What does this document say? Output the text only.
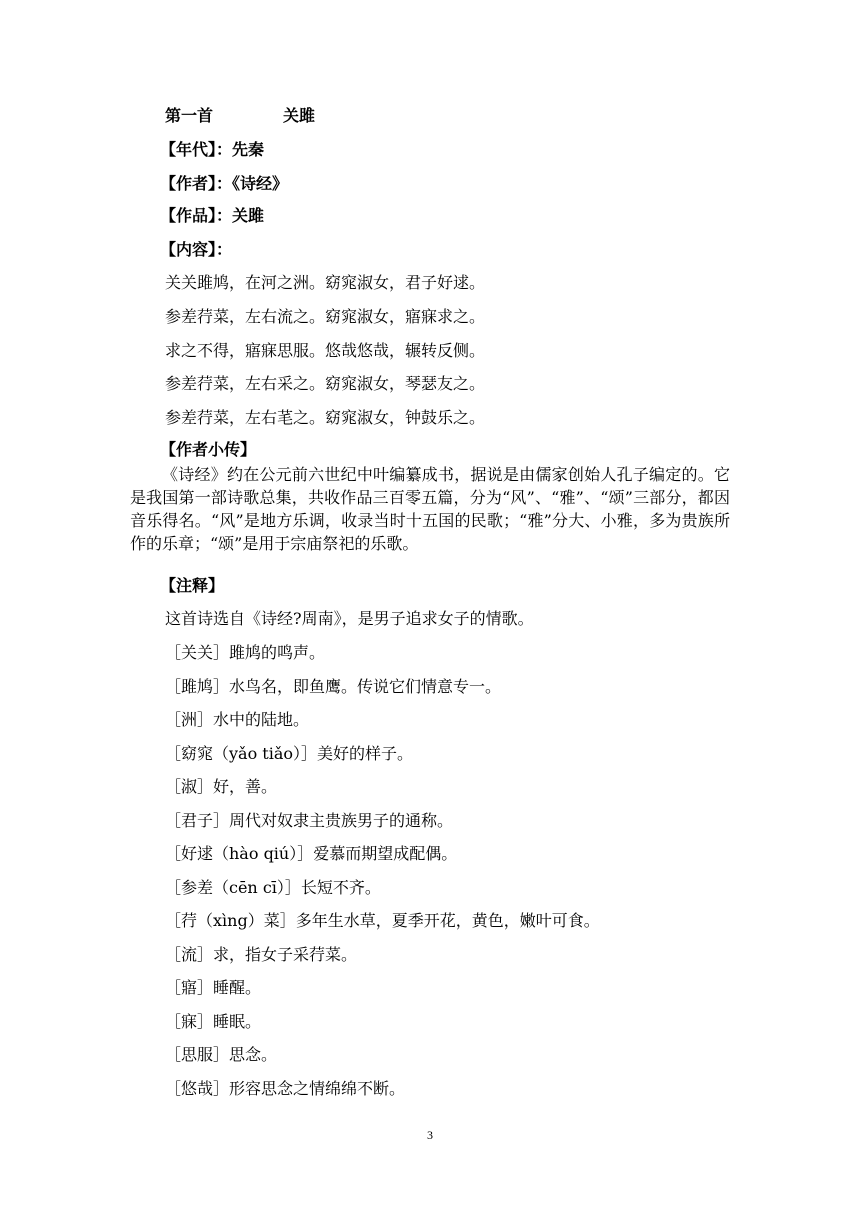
第一首	关雎
【年代】：先秦
【作者】：《诗经》
【作品】：关雎
【内容】：
关关雎鸠，在河之洲。窈窕淑女，君子好逑。
参差荇菜，左右流之。窈窕淑女，寤寐求之。
求之不得，寤寐思服。悠哉悠哉，辗转反侧。
参差荇菜，左右采之。窈窕淑女，琴瑟友之。
参差荇菜，左右芼之。窈窕淑女，钟鼓乐之。
【作者小传】
《诗经》约在公元前六世纪中叶编纂成书，据说是由儒家创始人孔子编定的。它是我国第一部诗歌总集，共收作品三百零五篇，分为“风”、“雅”、“颂”三部分，都因音乐得名。“风”是地方乐调，收录当时十五国的民歌；“雅”分大、小雅，多为贵族所作的乐章；“颂”是用于宗庙祭祀的乐歌。
【注释】
这首诗选自《诗经?周南》，是男子追求女子的情歌。
［关关］雎鸠的鸣声。
［雎鸠］水鸟名，即鱼鹰。传说它们情意专一。
［洲］水中的陆地。
［窈窕（yǎo tiǎo）］美好的样子。
［淑］好，善。
［君子］周代对奴隶主贵族男子的通称。
［好逑（hào qiú）］爱慕而期望成配偶。
［参差（cēn cī）］长短不齐。
［荇（xìng）菜］多年生水草，夏季开花，黄色，嫩叶可食。
［流］求，指女子采荇菜。
［寤］睡醒。
［寐］睡眠。
［思服］思念。
［悠哉］形容思念之情绵绵不断。
3
